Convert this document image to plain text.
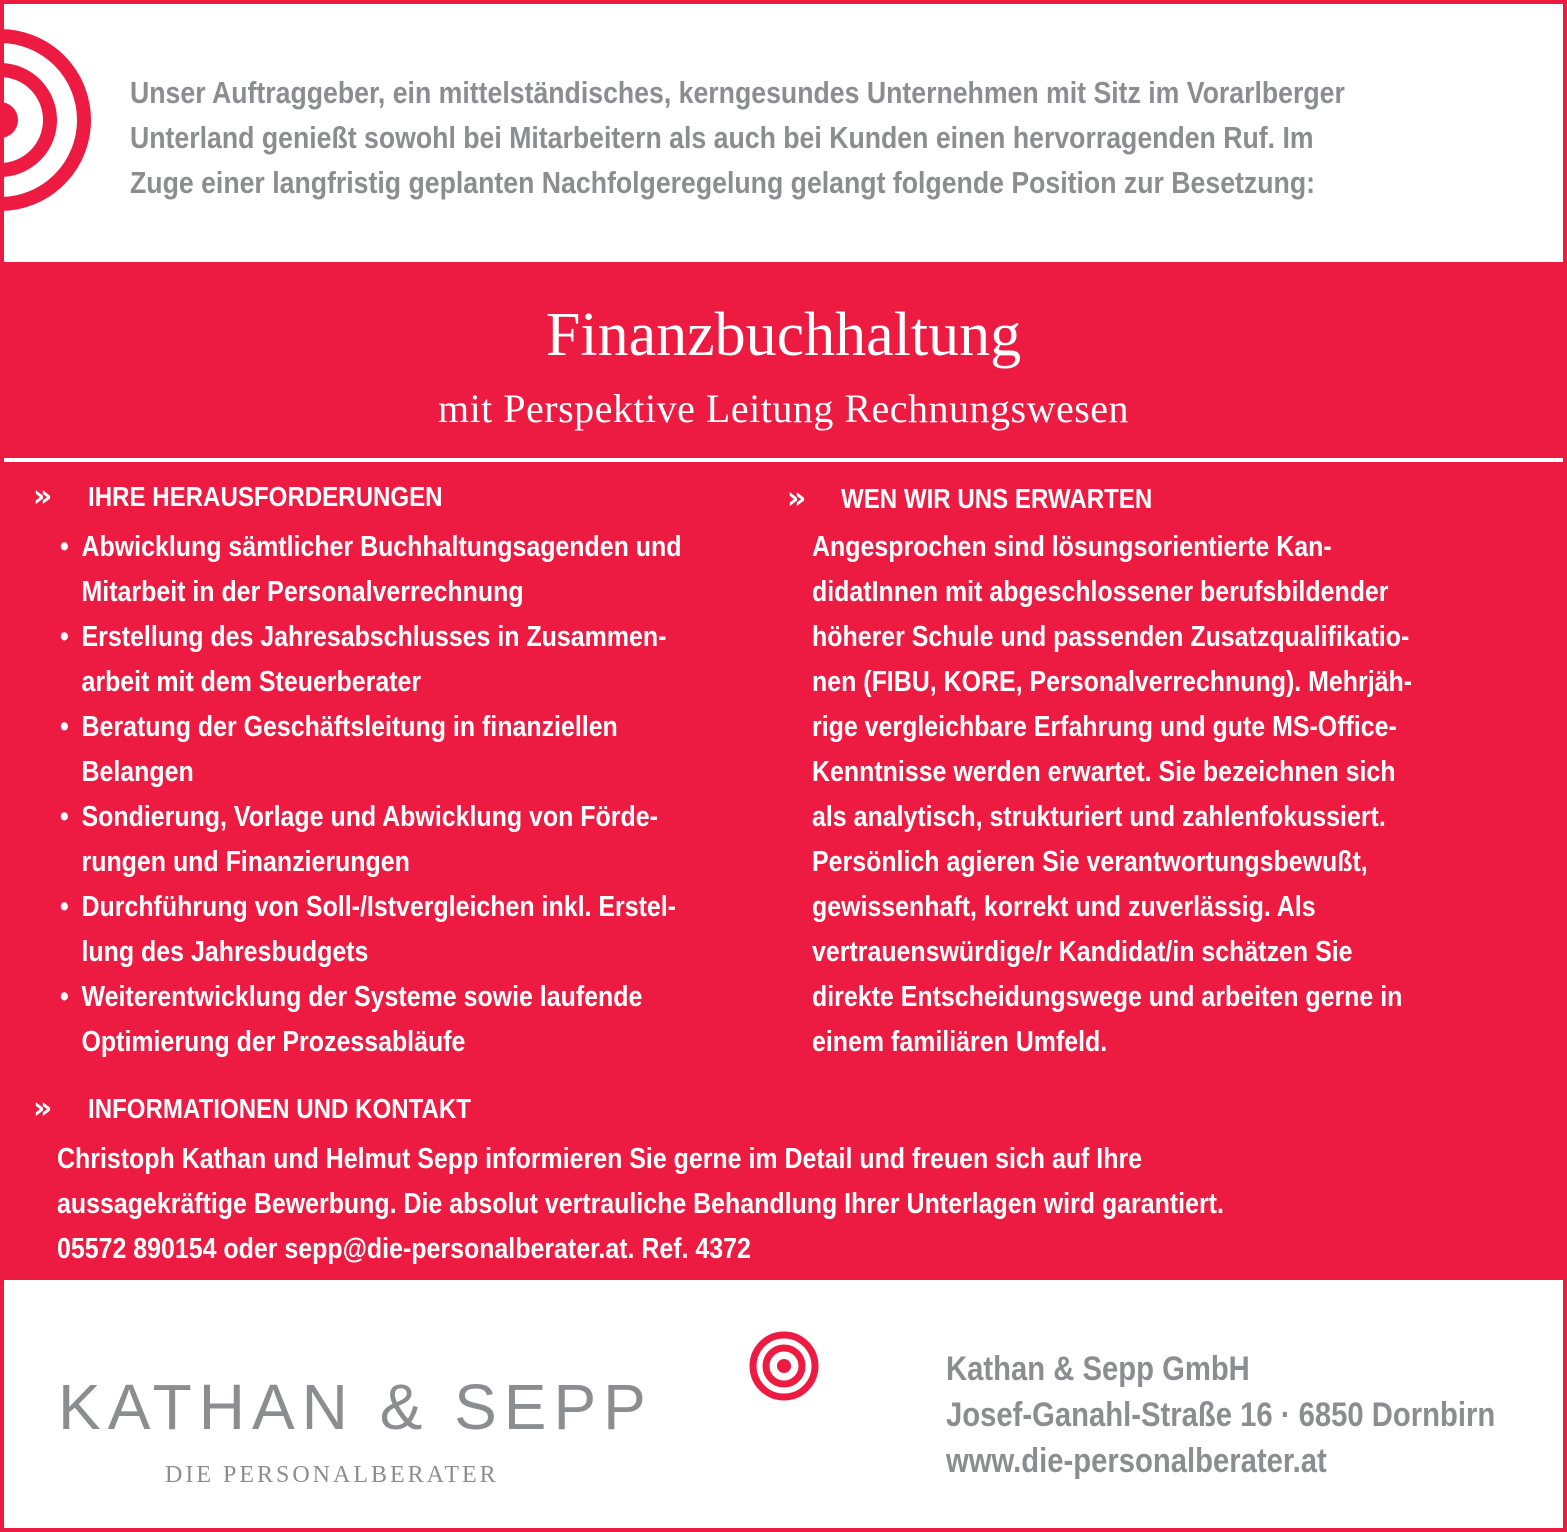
Unser Auftraggeber, ein mittelständisches, kerngesundes Unternehmen mit Sitz im Vorarlberger
Unterland genießt sowohl bei Mitarbeitern als auch bei Kunden einen hervorragenden Ruf. Im
Zuge einer langfristig geplanten Nachfolgeregelung gelangt folgende Position zur Besetzung:
Finanzbuchhaltung
mit Perspektive Leitung Rechnungswesen
» IHRE HERAUSFORDERUNGEN
• Abwicklung sämtlicher Buchhaltungsagenden und
Mitarbeit in der Personalverrechnung
• Erstellung des Jahresabschlusses in Zusammen-
arbeit mit dem Steuerberater
• Beratung der Geschäftsleitung in finanziellen
Belangen
• Sondierung, Vorlage und Abwicklung von Förde-
rungen und Finanzierungen
• Durchführung von Soll-/Istvergleichen inkl. Erstel-
lung des Jahresbudgets
• Weiterentwicklung der Systeme sowie laufende
Optimierung der Prozessabläufe
» WEN WIR UNS ERWARTEN
Angesprochen sind lösungsorientierte Kan-
didatInnen mit abgeschlossener berufsbildender
höherer Schule und passenden Zusatzqualifikatio-
nen (FIBU, KORE, Personalverrechnung). Mehrjäh-
rige vergleichbare Erfahrung und gute MS-Office-
Kenntnisse werden erwartet. Sie bezeichnen sich
als analytisch, strukturiert und zahlenfokussiert.
Persönlich agieren Sie verantwortungsbewußt,
gewissenhaft, korrekt und zuverlässig. Als
vertrauenswürdige/r Kandidat/in schätzen Sie
direkte Entscheidungswege und arbeiten gerne in
einem familiären Umfeld.
» INFORMATIONEN UND KONTAKT
Christoph Kathan und Helmut Sepp informieren Sie gerne im Detail und freuen sich auf Ihre
aussagekräftige Bewerbung. Die absolut vertrauliche Behandlung Ihrer Unterlagen wird garantiert.
05572 890154 oder sepp@die-personalberater.at. Ref. 4372
KATHAN & SEPP
DIE PERSONALBERATER
Kathan & Sepp GmbH
Josef-Ganahl-Straße 16 · 6850 Dornbirn
www.die-personalberater.at
